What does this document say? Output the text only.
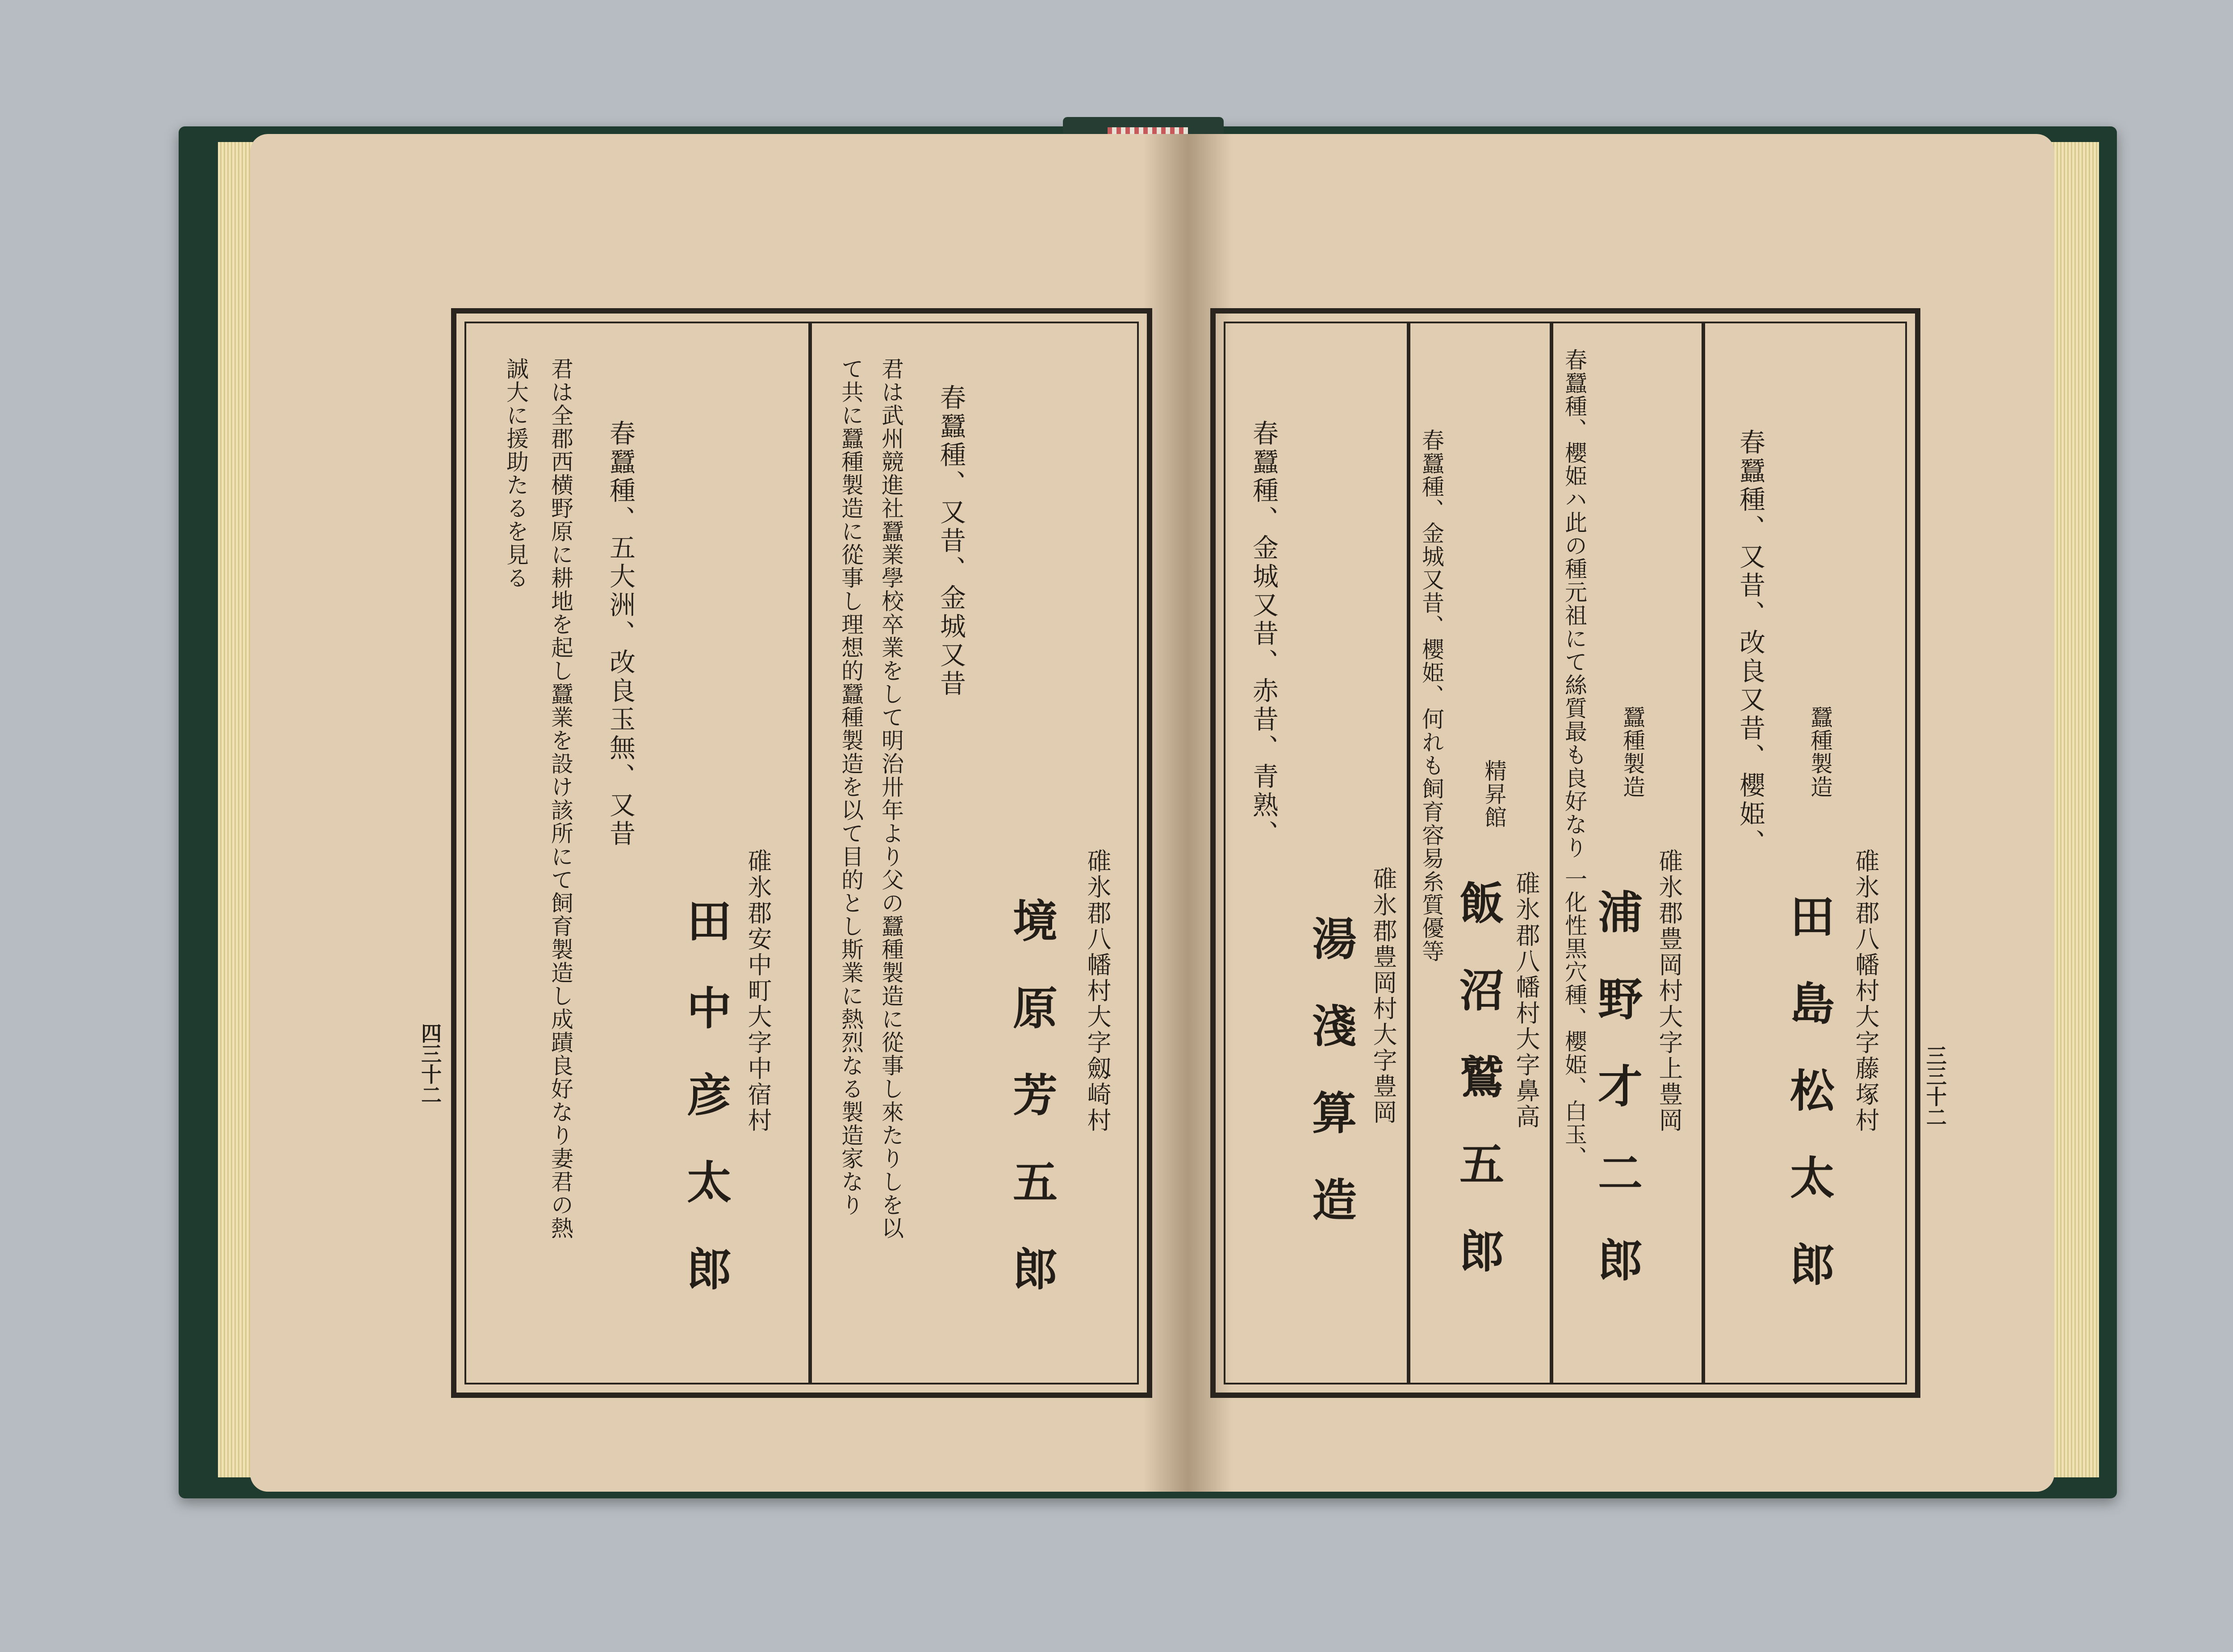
碓氷郡八幡村大字劔崎村
境 原 芳 五 郎
春蠶種、又昔、金城又昔
君は武州競進社蠶業學校卒業をして明治卅年より父の蠶種製造に從事し來たりしを以
て共に蠶種製造に從事し理想的蠶種製造を以て目的とし斯業に熱烈なる製造家なり
碓氷郡安中町大字中宿村
田 中 彦 太 郎
春蠶種、五大洲、改良玉無、又昔
君は全郡西横野原に耕地を起し蠶業を設け該所にて飼育製造し成蹟良好なり妻君の熱
誠大に援助たるを見る
四三十二	碓氷郡八幡村大字藤塚村
田 島 松 太 郎
蠶種製造
春蠶種、又昔、改良又昔、櫻姫、
碓氷郡豊岡村大字上豊岡
浦 野 才 二 郎
蠶種製造
春蠶種、櫻姫ハ此の種元祖にて絲質最も良好なり 一化性黒穴種、櫻姫、白玉、
碓氷郡八幡村大字鼻高
飯 沼 鷲 五 郎
精昇館
春蠶種、金城又昔、櫻姫、何れも飼育容易糸質優等
碓氷郡豊岡村大字豊岡
湯 淺 算 造
春蠶種、金城又昔、赤昔、青熟、
三三十二
